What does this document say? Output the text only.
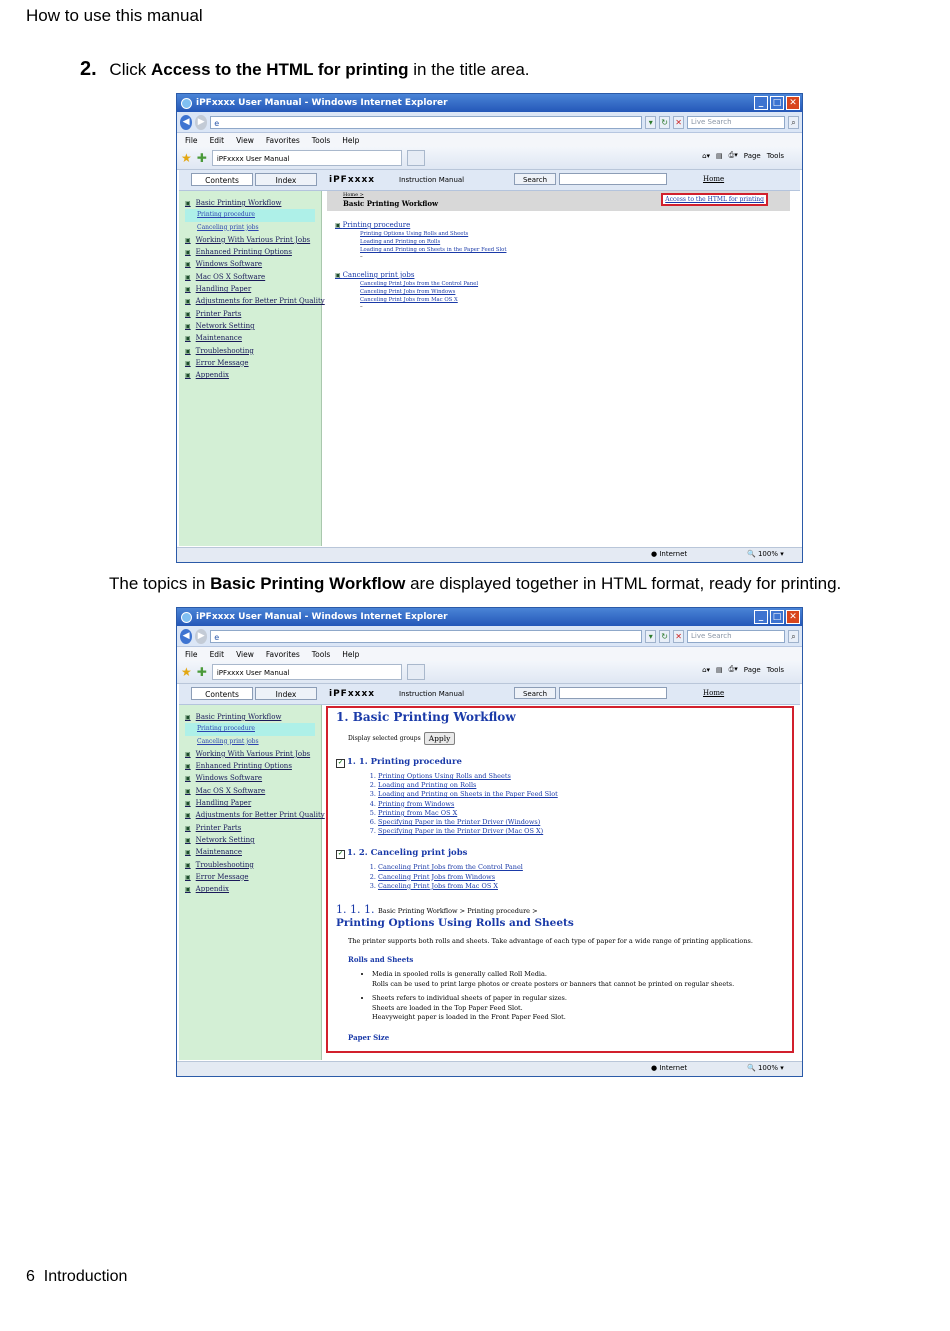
How to use this manual
2. Click Access to the HTML for printing in the title area.
iPFxxxx User Manual - Windows Internet Explorer	_	□ ✕
◀ ▶	e	▾	↻ ✕	Live Search	⌕
File Edit View Favorites Tools Help
★ ✚	iPFxxxx User Manual	⌂▾ ▤ ⎙▾ Page Tools
Contents	Index	iPFxxxx	Instruction Manual	Search	Home
▣ Basic Printing Workflow
Printing procedure
Canceling print jobs
▣ Working With Various Print Jobs
▣ Enhanced Printing Options
▣ Windows Software
▣ Mac OS X Software
▣ Handling Paper
▣ Adjustments for Better Print Quality
▣ Printer Parts
▣ Network Setting
▣ Maintenance
▣ Troubleshooting
▣ Error Message
▣ Appendix
Home >
Basic Printing Workflow	Access to the HTML for printing
▣ Printing procedure
Printing Options Using Rolls and Sheets
Loading and Printing on Rolls
Loading and Printing on Sheets in the Paper Feed Slot
–
▣ Canceling print jobs
Canceling Print Jobs from the Control Panel
Canceling Print Jobs from Windows
Canceling Print Jobs from Mac OS X
–
● Internet	🔍 100% ▾
The topics in Basic Printing Workflow are displayed together in HTML format, ready for printing.
iPFxxxx User Manual - Windows Internet Explorer	_	□ ✕
◀ ▶	e	▾	↻ ✕	Live Search	⌕
File Edit View Favorites Tools Help
★ ✚	iPFxxxx User Manual	⌂▾ ▤ ⎙▾ Page Tools
Contents	Index	iPFxxxx	Instruction Manual	Search	Home
▣ Basic Printing Workflow
Printing procedure
Canceling print jobs
▣ Working With Various Print Jobs
▣ Enhanced Printing Options
▣ Windows Software
▣ Mac OS X Software
▣ Handling Paper
▣ Adjustments for Better Print Quality
▣ Printer Parts
▣ Network Setting
▣ Maintenance
▣ Troubleshooting
▣ Error Message
▣ Appendix
1. Basic Printing Workflow
Display selected groups	Apply
✓ 1. 1. Printing procedure
1. Printing Options Using Rolls and Sheets
2. Loading and Printing on Rolls
3. Loading and Printing on Sheets in the Paper Feed Slot
4. Printing from Windows
5. Printing from Mac OS X
6. Specifying Paper in the Printer Driver (Windows)
7. Specifying Paper in the Printer Driver (Mac OS X)
✓ 1. 2. Canceling print jobs
1. Canceling Print Jobs from the Control Panel
2. Canceling Print Jobs from Windows
3. Canceling Print Jobs from Mac OS X
1. 1. 1. Basic Printing Workflow > Printing procedure >
Printing Options Using Rolls and Sheets
The printer supports both rolls and sheets. Take advantage of each type of paper for a wide range of printing applications.
Rolls and Sheets
• Media in spooled rolls is generally called Roll Media.
Rolls can be used to print large photos or create posters or banners that cannot be printed on regular sheets.
• Sheets refers to individual sheets of paper in regular sizes.
Sheets are loaded in the Top Paper Feed Slot.
Heavyweight paper is loaded in the Front Paper Feed Slot.
Paper Size
● Internet	🔍 100% ▾
6 Introduction
